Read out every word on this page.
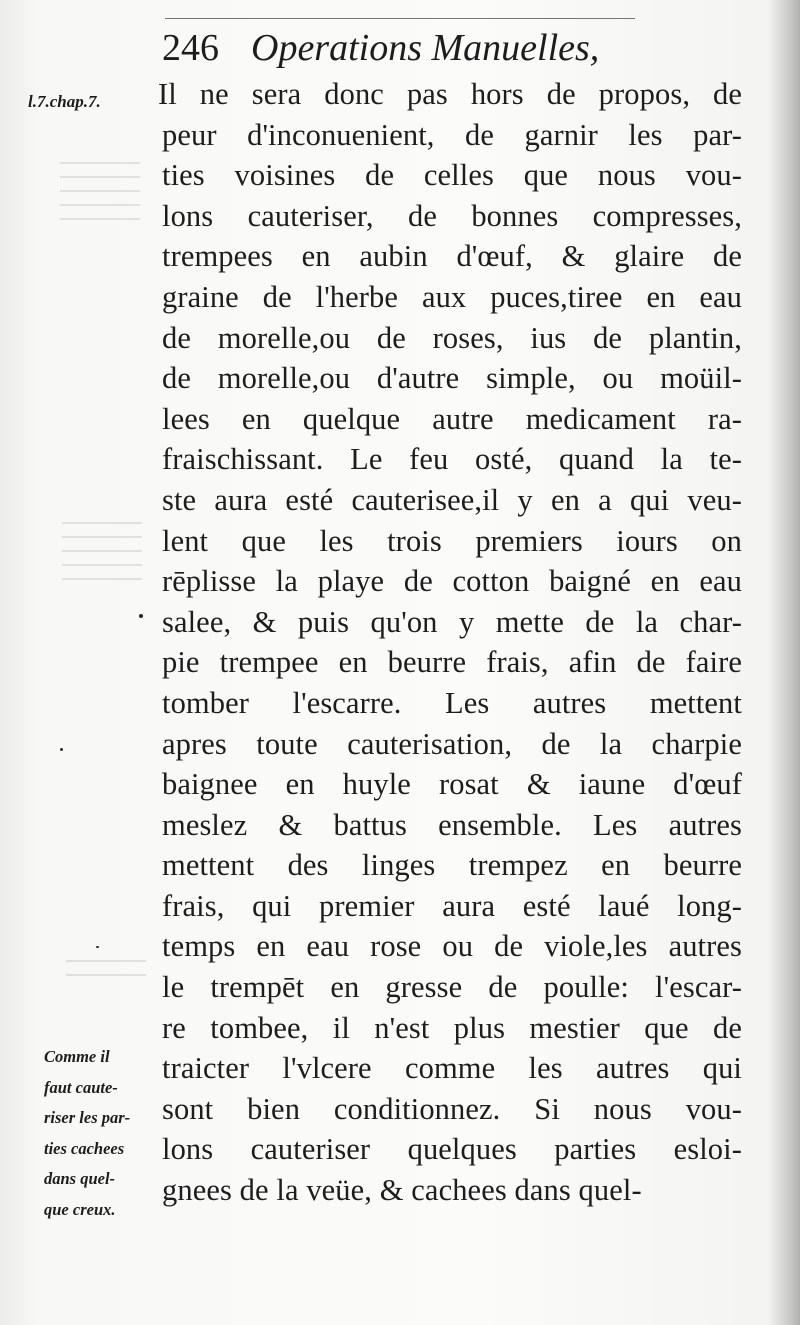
246 Operations Manuelles,
l.7.chap.7.	Il ne sera donc pas hors de propos, de
peur d'inconuenient, de garnir les par-
ties voisines de celles que nous vou-
lons cauteriser, de bonnes compresses,
trempees en aubin d'œuf, & glaire de
graine de l'herbe aux puces,tiree en eau
de morelle,ou de roses, ius de plantin,
de morelle,ou d'autre simple, ou moüil-
lees en quelque autre medicament ra-
fraischissant. Le feu osté, quand la te-
ste aura esté cauterisee,il y en a qui veu-
lent que les trois premiers iours on
rēplisse la playe de cotton baigné en eau
salee, & puis qu'on y mette de la char-
pie trempee en beurre frais, afin de faire
tomber l'escarre. Les autres mettent
apres toute cauterisation, de la charpie
baignee en huyle rosat & iaune d'œuf
meslez & battus ensemble. Les autres
mettent des linges trempez en beurre
frais, qui premier aura esté laué long-
temps en eau rose ou de viole,les autres
le trempēt en gresse de poulle: l'escar-
re tombee, il n'est plus mestier que de
traicter l'vlcere comme les autres qui
sont bien conditionnez. Si nous vou-
lons cauteriser quelques parties esloi-
gnees de la veüe, & cachees dans quel-
Comme il
faut caute-
riser les par-
ties cachees
dans quel-
que creux.
